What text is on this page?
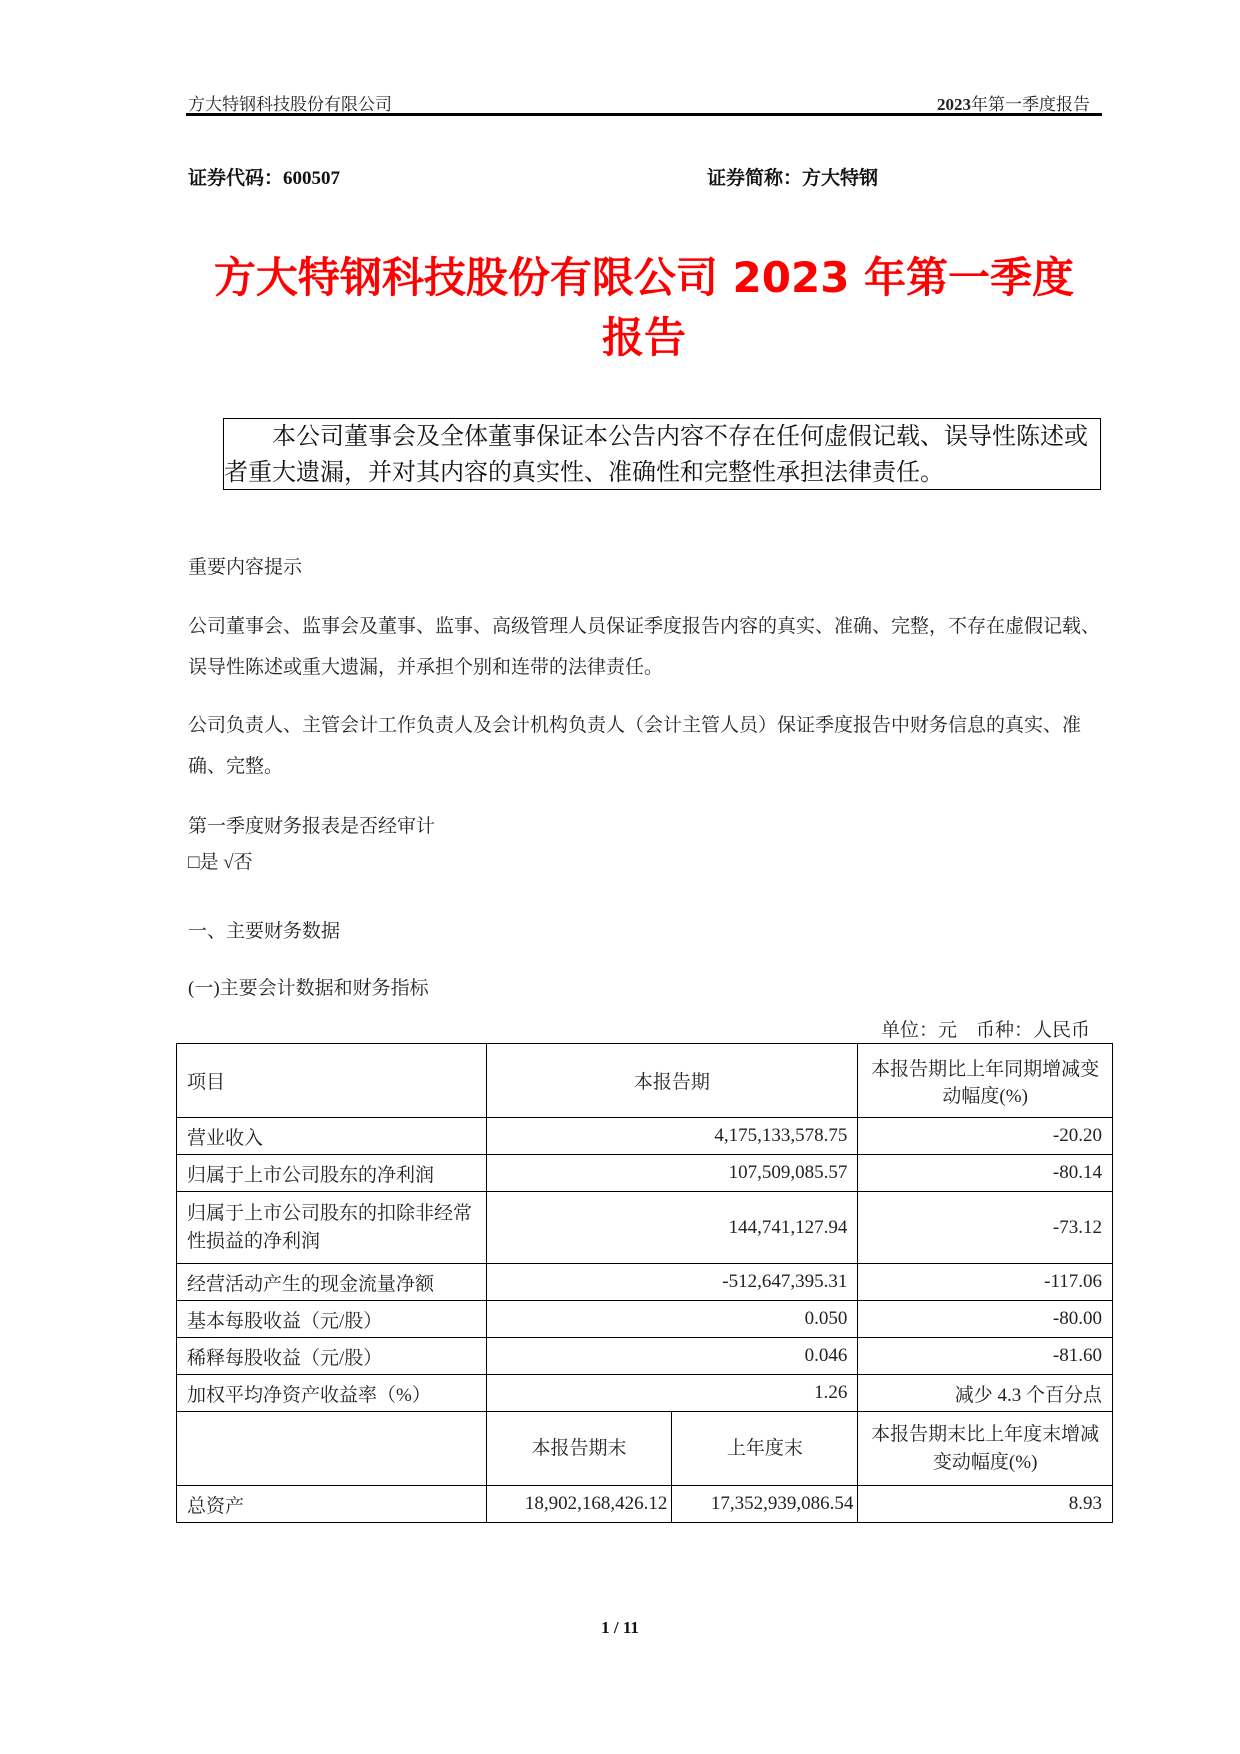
方大特钢科技股份有限公司	2023年第一季度报告
证券代码：600507	证券简称：方大特钢
方大特钢科技股份有限公司 2023 年第一季度
报告

本公司董事会及全体董事保证本公告内容不存在任何虚假记载、误导性陈述或者重大遗漏，并对其内容的真实性、准确性和完整性承担法律责任。

重要内容提示
公司董事会、监事会及董事、监事、高级管理人员保证季度报告内容的真实、准确、完整，不存在虚假记载、误导性陈述或重大遗漏，并承担个别和连带的法律责任。
公司负责人、主管会计工作负责人及会计机构负责人（会计主管人员）保证季度报告中财务信息的真实、准确、完整。
第一季度财务报表是否经审计
□是 √否
一、主要财务数据
(一)主要会计数据和财务指标
单位：元　币种：人民币
项目	本报告期		本报告期比上年同期增减变动幅度(%)
营业收入	4,175,133,578.75		-20.20
归属于上市公司股东的净利润	107,509,085.57		-80.14
归属于上市公司股东的扣除非经常性损益的净利润	144,741,127.94		-73.12
经营活动产生的现金流量净额	-512,647,395.31		-117.06
基本每股收益（元/股）	0.050		-80.00
稀释每股收益（元/股）	0.046		-81.60
加权平均净资产收益率（%）	1.26		减少 4.3 个百分点
	本报告期末	上年度末	本报告期末比上年度末增减变动幅度(%)
总资产	18,902,168,426.12	17,352,939,086.54	8.93
1 / 11
